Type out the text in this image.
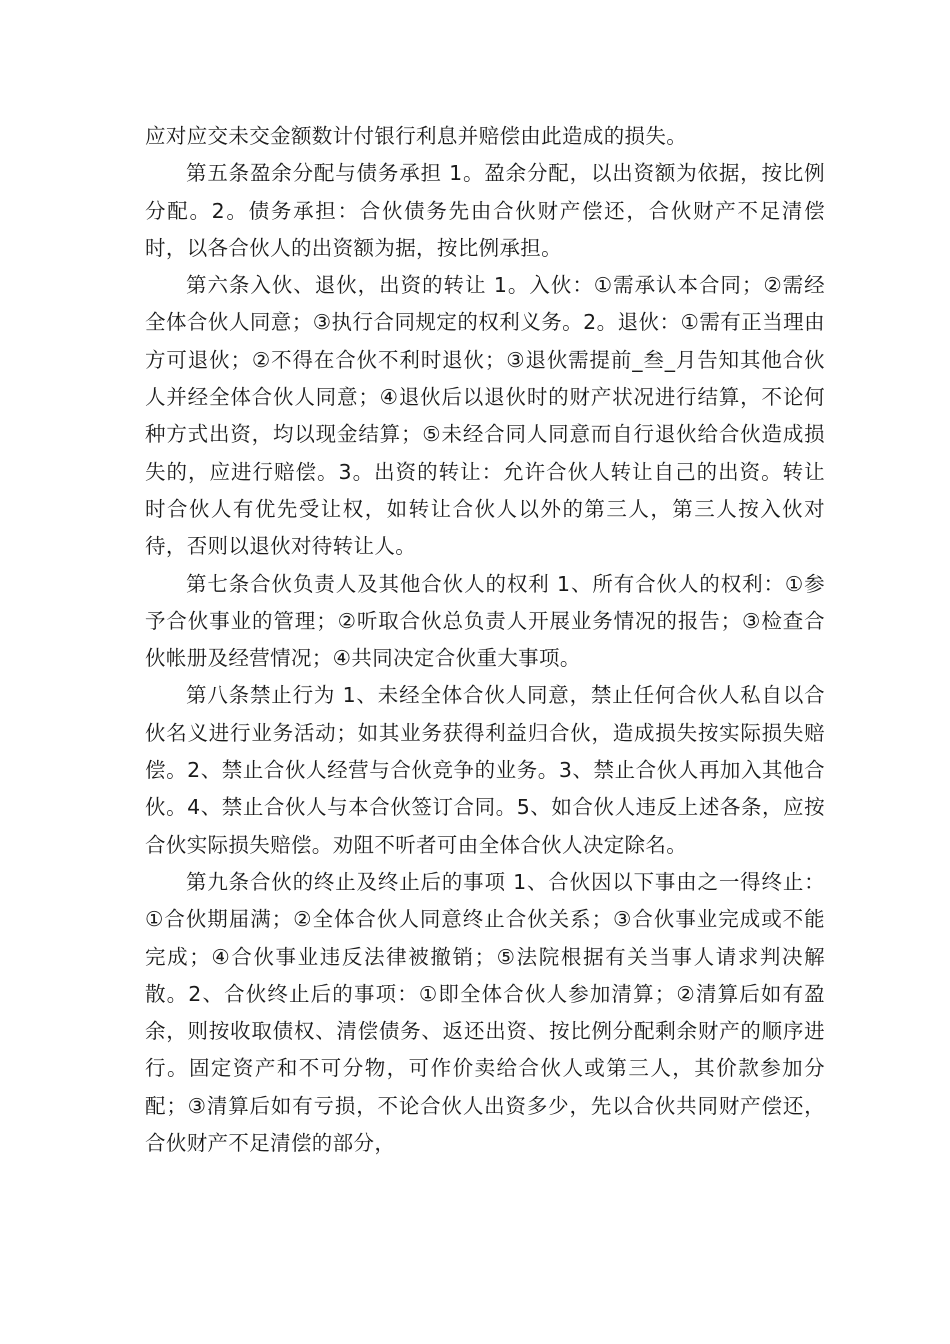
应对应交未交金额数计付银行利息并赔偿由此造成的损失。

第五条盈余分配与债务承担 1。盈余分配，以出资额为依据，按比例分配。2。债务承担：合伙债务先由合伙财产偿还，合伙财产不足清偿时，以各合伙人的出资额为据，按比例承担。

第六条入伙、退伙，出资的转让 1。入伙：①需承认本合同；②需经全体合伙人同意；③执行合同规定的权利义务。2。退伙：①需有正当理由方可退伙；②不得在合伙不利时退伙；③退伙需提前_叁_月告知其他合伙人并经全体合伙人同意；④退伙后以退伙时的财产状况进行结算，不论何种方式出资，均以现金结算；⑤未经合同人同意而自行退伙给合伙造成损失的，应进行赔偿。3。出资的转让：允许合伙人转让自己的出资。转让时合伙人有优先受让权，如转让合伙人以外的第三人，第三人按入伙对待，否则以退伙对待转让人。

第七条合伙负责人及其他合伙人的权利 1、所有合伙人的权利：①参予合伙事业的管理；②听取合伙总负责人开展业务情况的报告；③检查合伙帐册及经营情况；④共同决定合伙重大事项。

第八条禁止行为 1、未经全体合伙人同意，禁止任何合伙人私自以合伙名义进行业务活动；如其业务获得利益归合伙，造成损失按实际损失赔偿。2、禁止合伙人经营与合伙竞争的业务。3、禁止合伙人再加入其他合伙。4、禁止合伙人与本合伙签订合同。5、如合伙人违反上述各条，应按合伙实际损失赔偿。劝阻不听者可由全体合伙人决定除名。

第九条合伙的终止及终止后的事项 1、合伙因以下事由之一得终止：①合伙期届满；②全体合伙人同意终止合伙关系；③合伙事业完成或不能完成；④合伙事业违反法律被撤销；⑤法院根据有关当事人请求判决解散。2、合伙终止后的事项：①即全体合伙人参加清算；②清算后如有盈余，则按收取债权、清偿债务、返还出资、按比例分配剩余财产的顺序进行。固定资产和不可分物，可作价卖给合伙人或第三人，其价款参加分配；③清算后如有亏损，不论合伙人出资多少，先以合伙共同财产偿还，合伙财产不足清偿的部分，
